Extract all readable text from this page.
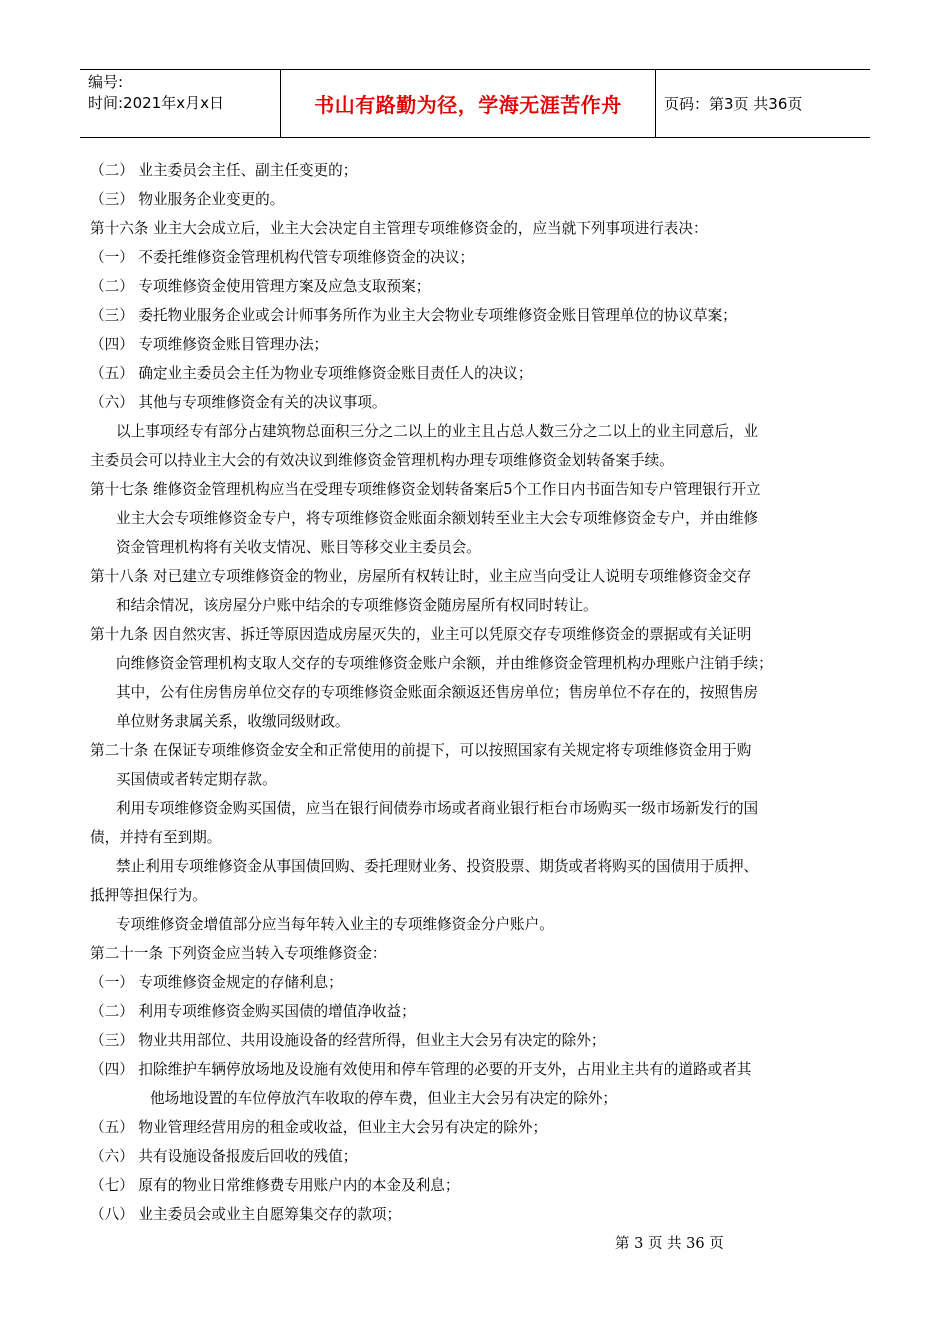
编号:
时间:2021年x月x日	书山有路勤为径，学海无涯苦作舟	页码：第3页 共36页
（二） 业主委员会主任、副主任变更的；
（三） 物业服务企业变更的。
第十六条 业主大会成立后，业主大会决定自主管理专项维修资金的，应当就下列事项进行表决：
（一） 不委托维修资金管理机构代管专项维修资金的决议；
（二） 专项维修资金使用管理方案及应急支取预案；
（三） 委托物业服务企业或会计师事务所作为业主大会物业专项维修资金账目管理单位的协议草案；
（四） 专项维修资金账目管理办法；
（五） 确定业主委员会主任为物业专项维修资金账目责任人的决议；
（六） 其他与专项维修资金有关的决议事项。
以上事项经专有部分占建筑物总面积三分之二以上的业主且占总人数三分之二以上的业主同意后，业
主委员会可以持业主大会的有效决议到维修资金管理机构办理专项维修资金划转备案手续。
第十七条 维修资金管理机构应当在受理专项维修资金划转备案后5个工作日内书面告知专户管理银行开立
业主大会专项维修资金专户，将专项维修资金账面余额划转至业主大会专项维修资金专户，并由维修
资金管理机构将有关收支情况、账目等移交业主委员会。
第十八条 对已建立专项维修资金的物业，房屋所有权转让时，业主应当向受让人说明专项维修资金交存
和结余情况，该房屋分户账中结余的专项维修资金随房屋所有权同时转让。
第十九条 因自然灾害、拆迁等原因造成房屋灭失的，业主可以凭原交存专项维修资金的票据或有关证明
向维修资金管理机构支取人交存的专项维修资金账户余额，并由维修资金管理机构办理账户注销手续；
其中，公有住房售房单位交存的专项维修资金账面余额返还售房单位；售房单位不存在的，按照售房
单位财务隶属关系，收缴同级财政。
第二十条 在保证专项维修资金安全和正常使用的前提下，可以按照国家有关规定将专项维修资金用于购
买国债或者转定期存款。
利用专项维修资金购买国债，应当在银行间债券市场或者商业银行柜台市场购买一级市场新发行的国
债，并持有至到期。
禁止利用专项维修资金从事国债回购、委托理财业务、投资股票、期货或者将购买的国债用于质押、
抵押等担保行为。
专项维修资金增值部分应当每年转入业主的专项维修资金分户账户。
第二十一条 下列资金应当转入专项维修资金：
（一） 专项维修资金规定的存储利息；
（二） 利用专项维修资金购买国债的增值净收益；
（三） 物业共用部位、共用设施设备的经营所得，但业主大会另有决定的除外；
（四） 扣除维护车辆停放场地及设施有效使用和停车管理的必要的开支外，占用业主共有的道路或者其
他场地设置的车位停放汽车收取的停车费，但业主大会另有决定的除外；
（五） 物业管理经营用房的租金或收益，但业主大会另有决定的除外；
（六） 共有设施设备报废后回收的残值；
（七） 原有的物业日常维修费专用账户内的本金及利息；
（八） 业主委员会或业主自愿筹集交存的款项；
第 3 页 共 36 页
